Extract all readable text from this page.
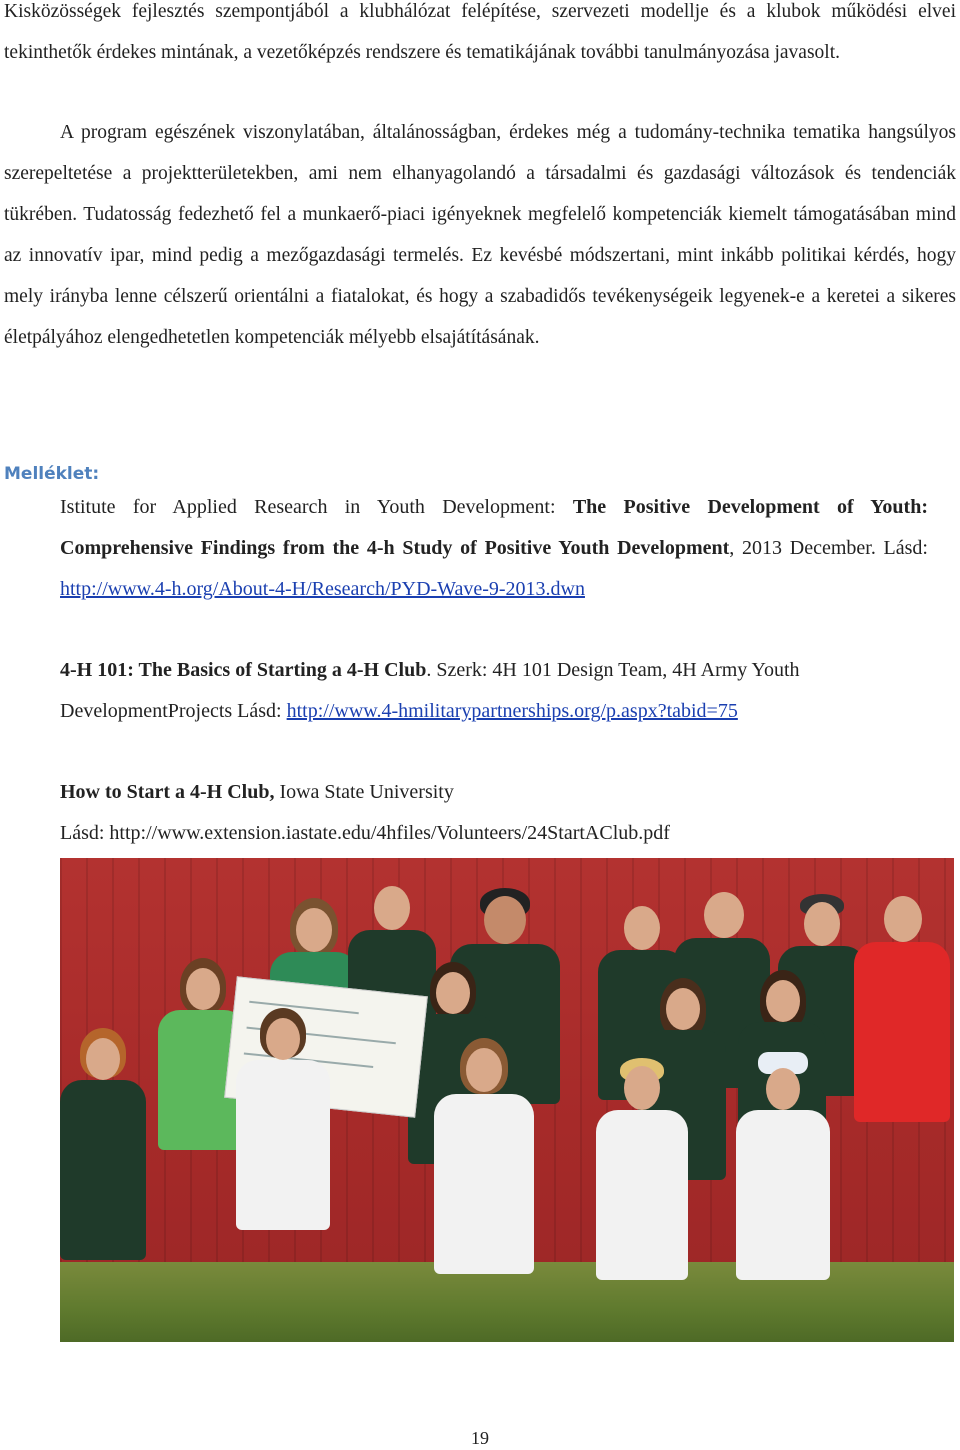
Kisközösségek fejlesztés szempontjából a klubhálózat felépítése, szervezeti modellje és a klubok működési elvei tekinthetők érdekes mintának, a vezetőképzés rendszere és tematikájának további tanulmányozása javasolt.

A program egészének viszonylatában, általánosságban, érdekes még a tudomány-technika tematika hangsúlyos szerepeltetése a projektterületekben, ami nem elhanyagolandó a társadalmi és gazdasági változások és tendenciák tükrében. Tudatosság fedezhető fel a munkaerő-piaci igényeknek megfelelő kompetenciák kiemelt támogatásában mind az innovatív ipar, mind pedig a mezőgazdasági termelés. Ez kevésbé módszertani, mint inkább politikai kérdés, hogy mely irányba lenne célszerű orientálni a fiatalokat, és hogy a szabadidős tevékenységeik legyenek-e a keretei a sikeres életpályához elengedhetetlen kompetenciák mélyebb elsajátításának.

Melléklet:

Istitute for Applied Research in Youth Development: The Positive Development of Youth: Comprehensive Findings from the 4-h Study of Positive Youth Development, 2013 December. Lásd: http://www.4-h.org/About-4-H/Research/PYD-Wave-9-2013.dwn

4-H 101: The Basics of Starting a 4-H Club. Szerk: 4H 101 Design Team, 4H Army Youth DevelopmentProjects Lásd: http://www.4-hmilitarypartnerships.org/p.aspx?tabid=75

How to Start a 4-H Club, Iowa State University
Lásd: http://www.extension.iastate.edu/4hfiles/Volunteers/24StartAClub.pdf

19
